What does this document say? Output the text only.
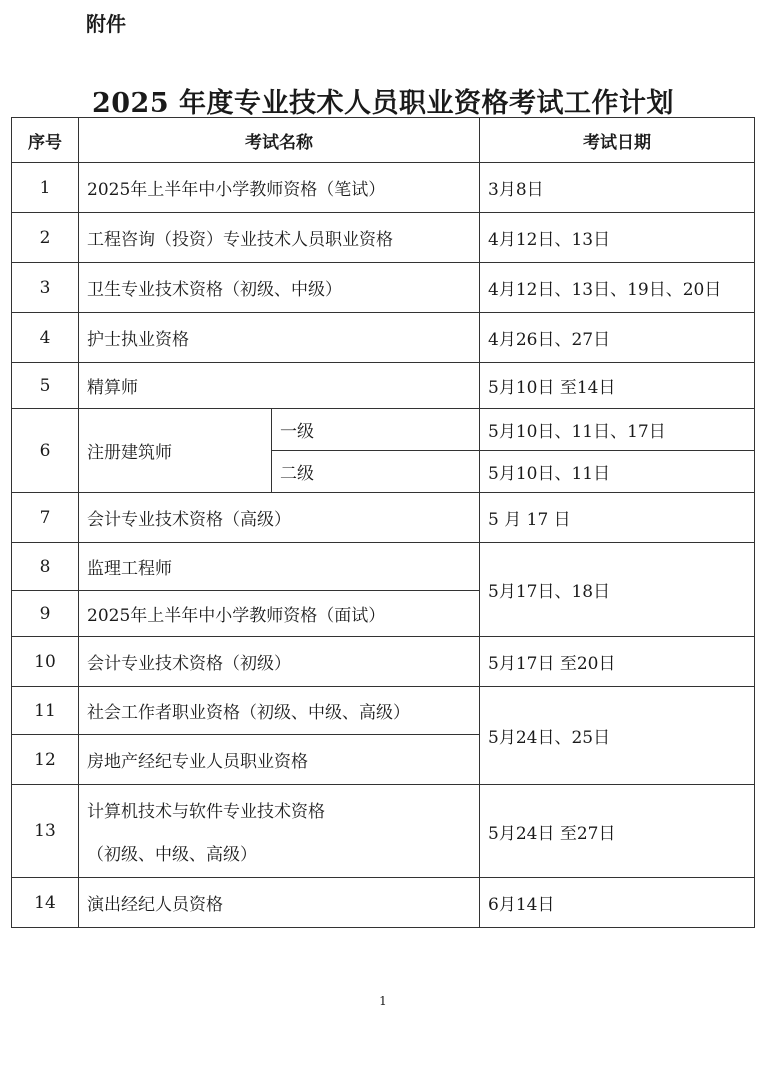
附件
2025 年度专业技术人员职业资格考试工作计划
序号	考试名称		考试日期
1	2025年上半年中小学教师资格（笔试）		3月8日
2	工程咨询（投资）专业技术人员职业资格		4月12日、13日
3	卫生专业技术资格（初级、中级）		4月12日、13日、19日、20日
4	护士执业资格		4月26日、27日
5	精算师		5月10日 至14日
6	注册建筑师	一级	5月10日、11日、17日
		二级	5月10日、11日
7	会计专业技术资格（高级）		5 月 17 日
8	监理工程师		5月17日、18日
9	2025年上半年中小学教师资格（面试）		
10	会计专业技术资格（初级）		5月17日 至20日
11	社会工作者职业资格（初级、中级、高级）		5月24日、25日
12	房地产经纪专业人员职业资格		
13	计算机技术与软件专业技术资格
（初级、中级、高级）		5月24日 至27日
14	演出经纪人员资格		6月14日
1
